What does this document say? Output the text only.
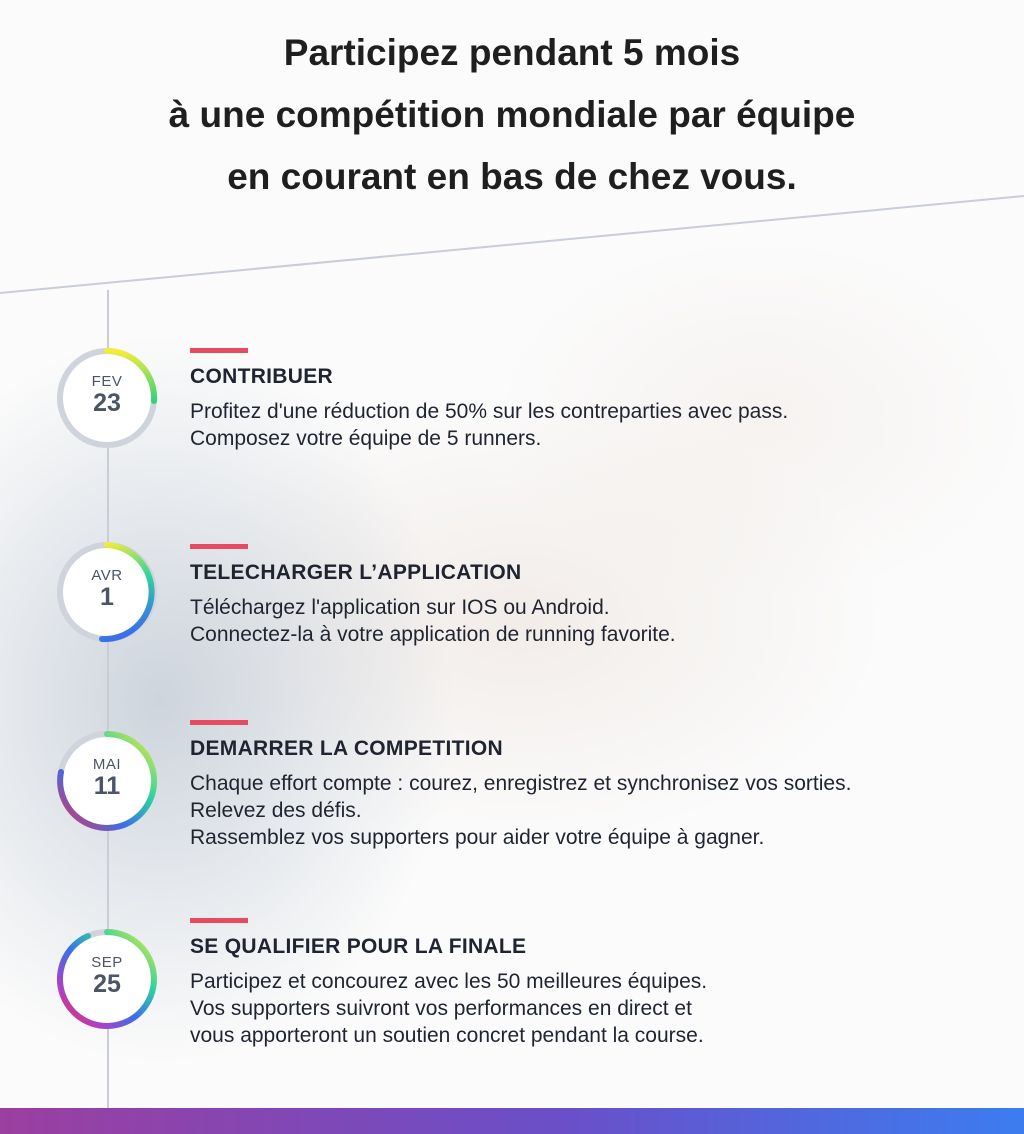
Participez pendant 5 mois
à une compétition mondiale par équipe
en courant en bas de chez vous.
FEV
23
CONTRIBUER

Profitez d'une réduction de 50% sur les contreparties avec pass.

Composez votre équipe de 5 runners.

AVR
1
TELECHARGER L’APPLICATION

Téléchargez l'application sur IOS ou Android.

Connectez-la à votre application de running favorite.

MAI
11
DEMARRER LA COMPETITION

Chaque effort compte : courez, enregistrez et synchronisez vos sorties.

Relevez des défis.

Rassemblez vos supporters pour aider votre équipe à gagner.

SEP
25
SE QUALIFIER POUR LA FINALE

Participez et concourez avec les 50 meilleures équipes.

Vos supporters suivront vos performances en direct et

vous apporteront un soutien concret pendant la course.
